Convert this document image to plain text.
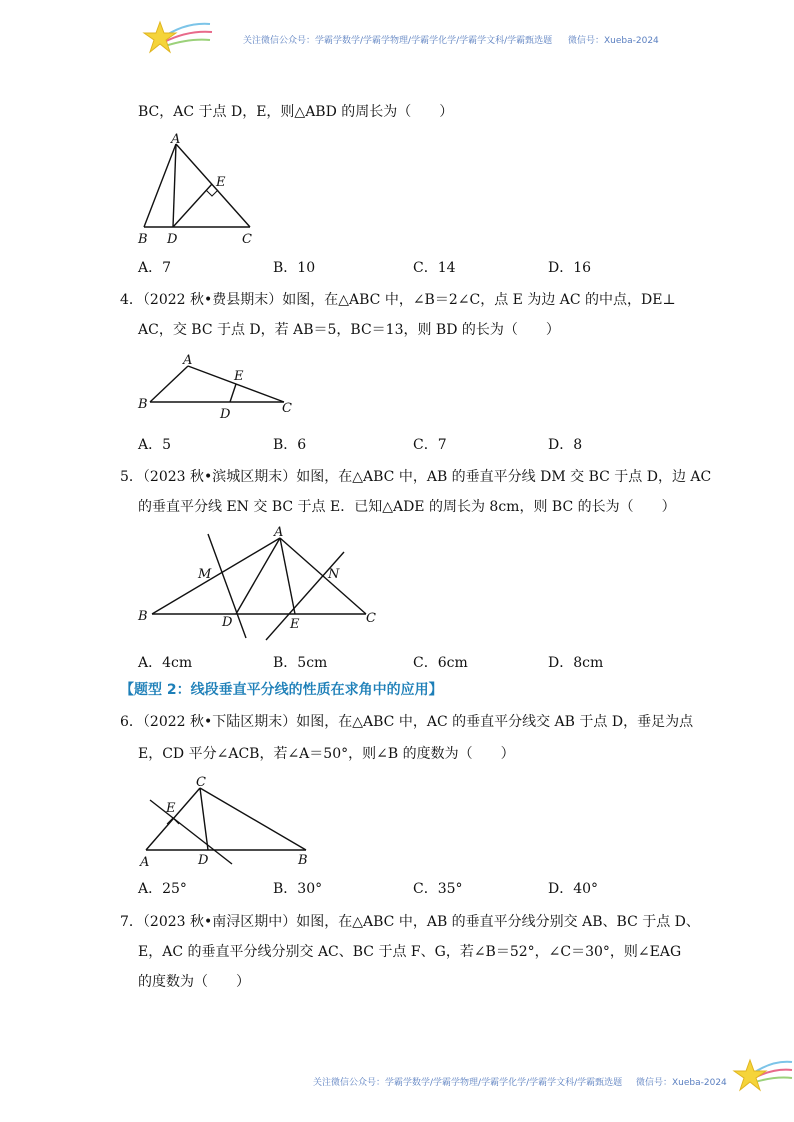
关注微信公众号：学霸学数学/学霸学物理/学霸学化学/学霸学文科/学霸甄选题 微信号：Xueba-2024
BC，AC 于点 D，E，则△ABD 的周长为（　　）
A
E
B D	C
A．7	B．10	C．14	D．16
4．（2022 秋•费县期末）如图，在△ABC 中，∠B＝2∠C，点 E 为边 AC 的中点，DE⊥
AC，交 BC 于点 D，若 AB＝5，BC＝13，则 BD 的长为（　　）
A
E
B
D	C
A．5	B．6	C．7	D．8
5．（2023 秋•滨城区期末）如图，在△ABC 中，AB 的垂直平分线 DM 交 BC 于点 D，边 AC
的垂直平分线 EN 交 BC 于点 E．已知△ADE 的周长为 8cm，则 BC 的长为（　　）
A
M	N
B	D	E	C
A．4cm	B．5cm	C．6cm	D．8cm
【题型 2：线段垂直平分线的性质在求角中的应用】
6．（2022 秋•下陆区期末）如图，在△ABC 中，AC 的垂直平分线交 AB 于点 D，垂足为点
E，CD 平分∠ACB，若∠A＝50°，则∠B 的度数为（　　）
C
E
A	D	B
A．25°	B．30°	C．35°	D．40°
7．（2023 秋•南浔区期中）如图，在△ABC 中，AB 的垂直平分线分别交 AB、BC 于点 D、
E，AC 的垂直平分线分别交 AC、BC 于点 F、G，若∠B＝52°，∠C＝30°，则∠EAG
的度数为（　　）
关注微信公众号：学霸学数学/学霸学物理/学霸学化学/学霸学文科/学霸甄选题 微信号：Xueba-2024
